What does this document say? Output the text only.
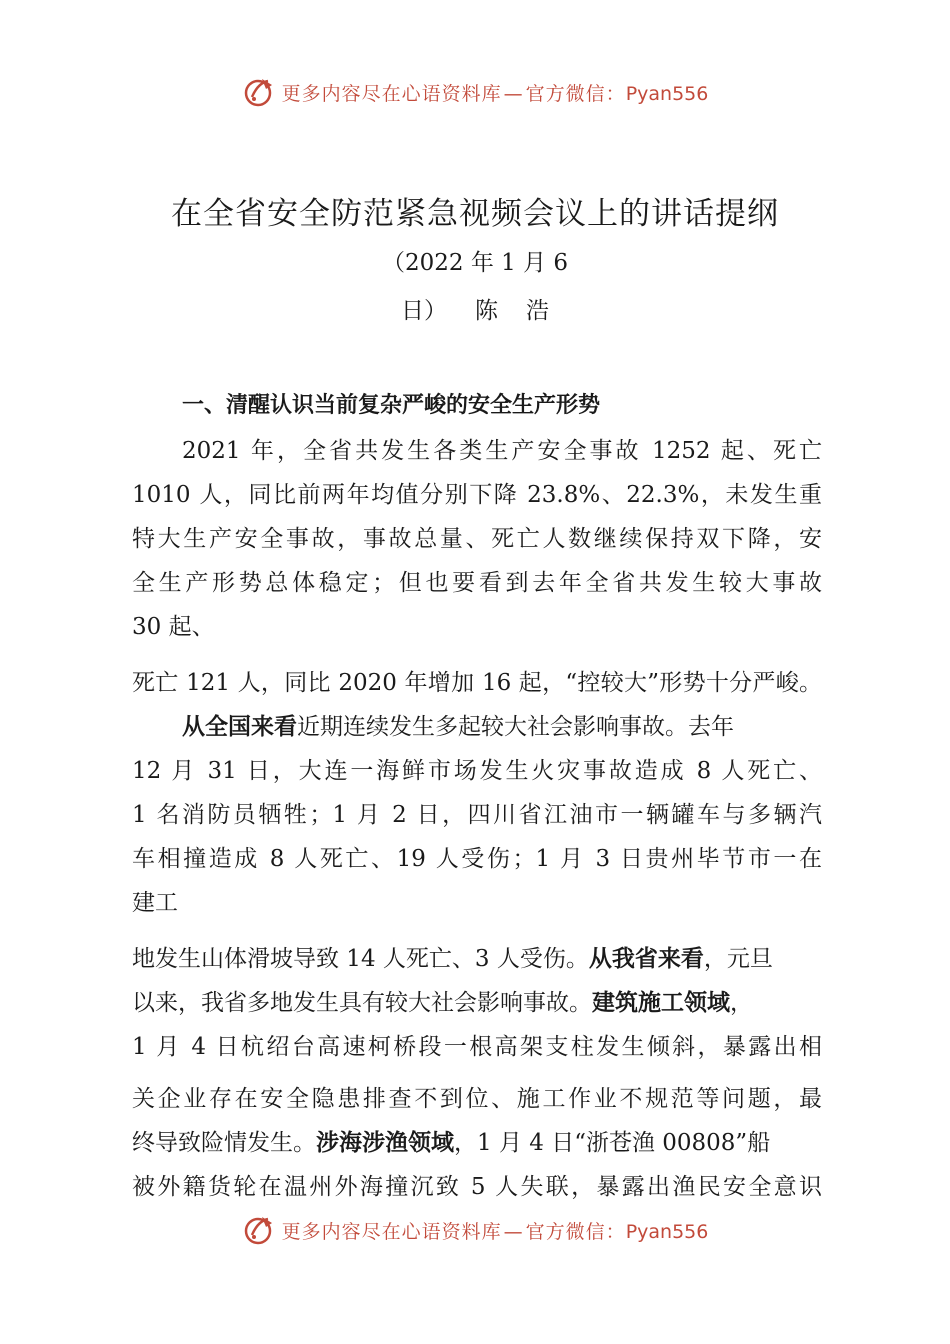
更多内容尽在心语资料库 — 官方微信：Pyan556
在全省安全防范紧急视频会议上的讲话提纲
（2022 年 1 月 6
日） 陈 浩
一、清醒认识当前复杂严峻的安全生产形势
2021 年，全省共发生各类生产安全事故 1252 起、死亡
1010 人，同比前两年均值分别下降 23.8%、22.3%，未发生重
特大生产安全事故，事故总量、死亡人数继续保持双下降，安
全生产形势总体稳定；但也要看到去年全省共发生较大事故
30 起、
死亡 121 人，同比 2020 年增加 16 起，“控较大”形势十分严峻。
从全国来看近期连续发生多起较大社会影响事故。去年
12 月 31 日，大连一海鲜市场发生火灾事故造成 8 人死亡、
1 名消防员牺牲；1 月 2 日，四川省江油市一辆罐车与多辆汽
车相撞造成 8 人死亡、19 人受伤；1 月 3 日贵州毕节市一在
建工
地发生山体滑坡导致 14 人死亡、3 人受伤。从我省来看，元旦
以来，我省多地发生具有较大社会影响事故。建筑施工领域，
1 月 4 日杭绍台高速柯桥段一根高架支柱发生倾斜，暴露出相
关企业存在安全隐患排查不到位、施工作业不规范等问题，最
终导致险情发生。涉海涉渔领域，1 月 4 日“浙苍渔 00808”船
被外籍货轮在温州外海撞沉致 5 人失联，暴露出渔民安全意识
更多内容尽在心语资料库 — 官方微信：Pyan556
